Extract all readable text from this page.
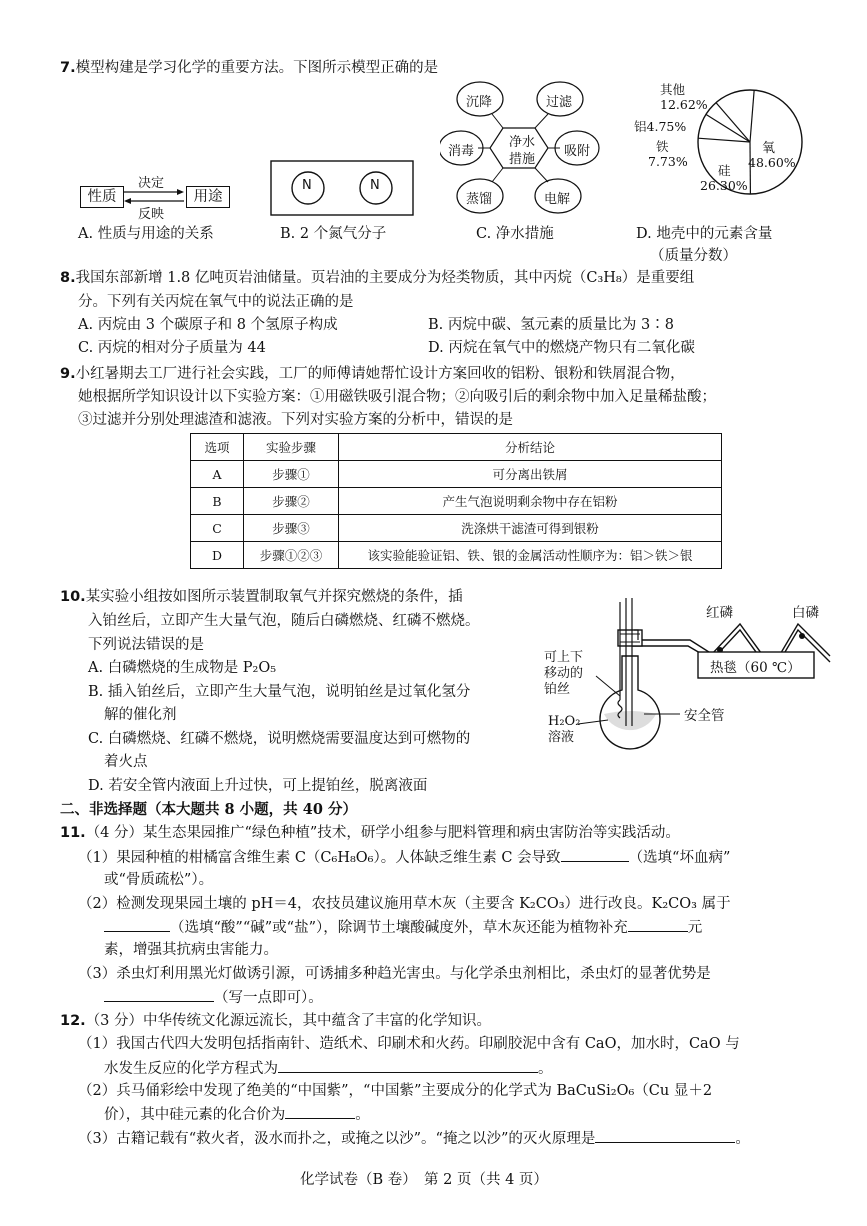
7.模型构建是学习化学的重要方法。下图所示模型正确的是
性质	用途
决定
反映
A. 性质与用途的关系
N	N
B. 2 个氮气分子
净水
措施
沉降	过滤
吸附
电解
蒸馏
消毒
C. 净水措施
其他
12.62%
铝4.75%
铁
7.73%
硅
26.30%
氧
48.60%
D. 地壳中的元素含量
（质量分数）
8.我国东部新增 1.8 亿吨页岩油储量。页岩油的主要成分为烃类物质，其中丙烷（C₃H₈）是重要组
分。下列有关丙烷在氧气中的说法正确的是
A. 丙烷由 3 个碳原子和 8 个氢原子构成	B. 丙烷中碳、氢元素的质量比为 3∶8
C. 丙烷的相对分子质量为 44	D. 丙烷在氧气中的燃烧产物只有二氧化碳
9.小红暑期去工厂进行社会实践，工厂的师傅请她帮忙设计方案回收的铝粉、银粉和铁屑混合物，
她根据所学知识设计以下实验方案：①用磁铁吸引混合物；②向吸引后的剩余物中加入足量稀盐酸；
③过滤并分别处理滤渣和滤液。下列对实验方案的分析中，错误的是
选项	实验步骤	分析结论
A	步骤①	可分离出铁屑
B	步骤②	产生气泡说明剩余物中存在铝粉
C	步骤③	洗涤烘干滤渣可得到银粉
D	步骤①②③	该实验能验证铝、铁、银的金属活动性顺序为：铝＞铁＞银
10.某实验小组按如图所示装置制取氧气并探究燃烧的条件，插
入铂丝后，立即产生大量气泡，随后白磷燃烧、红磷不燃烧。
下列说法错误的是
A. 白磷燃烧的生成物是 P₂O₅
B. 插入铂丝后，立即产生大量气泡，说明铂丝是过氧化氢分
解的催化剂
C. 白磷燃烧、红磷不燃烧，说明燃烧需要温度达到可燃物的
着火点
D. 若安全管内液面上升过快，可上提铂丝，脱离液面
红磷	白磷
热毯（60 ℃）
可上下
移动的
铂丝
安全管
H₂O₂
溶液
二、非选择题（本大题共 8 小题，共 40 分）
11.（4 分）某生态果园推广“绿色种植”技术，研学小组参与肥料管理和病虫害防治等实践活动。
（1）果园种植的柑橘富含维生素 C（C₆H₈O₆）。人体缺乏维生素 C 会导致	（选填“坏血病”
或“骨质疏松”）。
（2）检测发现果园土壤的 pH＝4，农技员建议施用草木灰（主要含 K₂CO₃）进行改良。K₂CO₃ 属于
（选填“酸”“碱”或“盐”），除调节土壤酸碱度外，草木灰还能为植物补充	元
素，增强其抗病虫害能力。
（3）杀虫灯利用黑光灯做诱引源，可诱捕多种趋光害虫。与化学杀虫剂相比，杀虫灯的显著优势是
（写一点即可）。
12.（3 分）中华传统文化源远流长，其中蕴含了丰富的化学知识。
（1）我国古代四大发明包括指南针、造纸术、印刷术和火药。印刷胶泥中含有 CaO，加水时，CaO 与
水发生反应的化学方程式为	。
（2）兵马俑彩绘中发现了绝美的“中国紫”，“中国紫”主要成分的化学式为 BaCuSi₂O₆（Cu 显＋2
价），其中硅元素的化合价为	。
（3）古籍记载有“救火者，汲水而扑之，或掩之以沙”。“掩之以沙”的灭火原理是	。
化学试卷（B 卷）　第 2 页（共 4 页）
